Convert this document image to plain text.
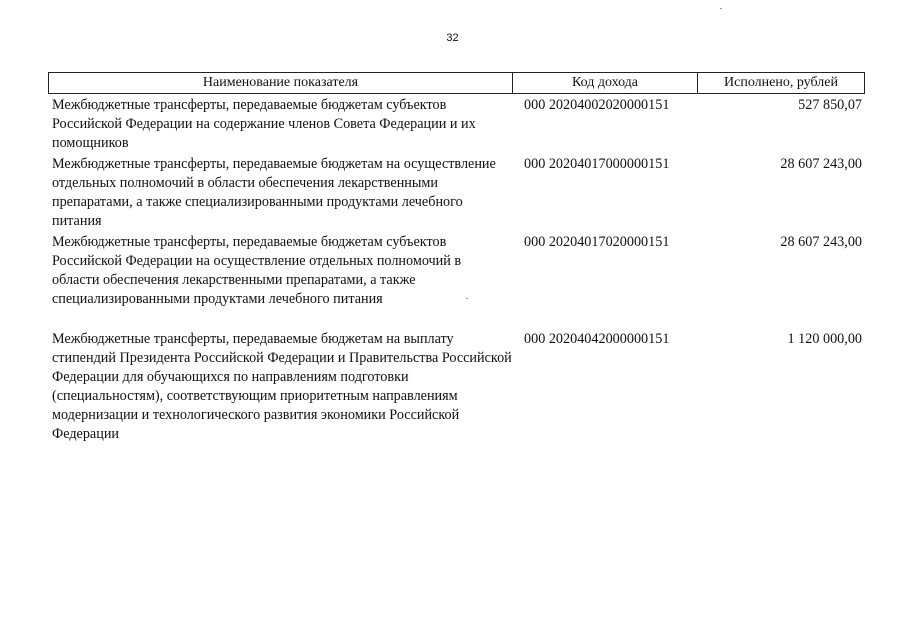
32
Наименование показателя	Код дохода	Исполнено, рублей
Межбюджетные трансферты, передаваемые бюджетам субъектов Российской Федерации на содержание членов Совета Федерации и их помощников
000 20204002020000151	527 850,07
Межбюджетные трансферты, передаваемые бюджетам на осуществление отдельных полномочий в области обеспечения лекарственными препаратами, а также специализированными продуктами лечебного питания
000 20204017000000151	28 607 243,00
Межбюджетные трансферты, передаваемые бюджетам субъектов Российской Федерации на осуществление отдельных полномочий в области обеспечения лекарственными препаратами, а также специализированными продуктами лечебного питания
000 20204017020000151	28 607 243,00
Межбюджетные трансферты, передаваемые бюджетам на выплату стипендий Президента Российской Федерации и Правительства Российской Федерации для обучающихся по направлениям подготовки (специальностям), соответствующим приоритетным направлениям модернизации и технологического развития экономики Российской Федерации
000 20204042000000151	1 120 000,00
